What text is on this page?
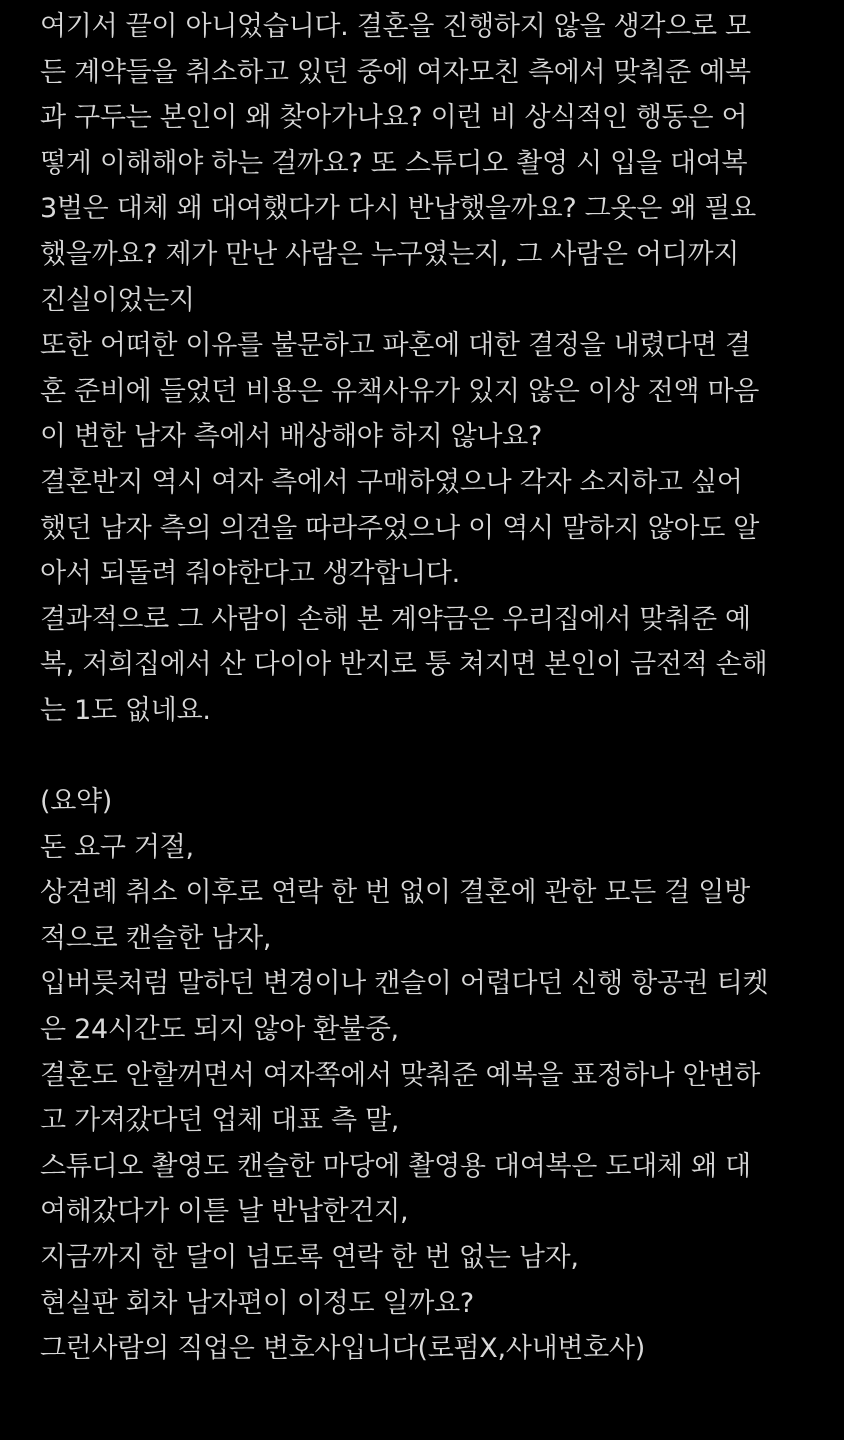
여기서 끝이 아니었습니다. 결혼을 진행하지 않을 생각으로 모
든 계약들을 취소하고 있던 중에 여자모친 측에서 맞춰준 예복
과 구두는 본인이 왜 찾아가나요? 이런 비 상식적인 행동은 어
떻게 이해해야 하는 걸까요? 또 스튜디오 촬영 시 입을 대여복
3벌은 대체 왜 대여했다가 다시 반납했을까요? 그옷은 왜 필요
했을까요? 제가 만난 사람은 누구였는지, 그 사람은 어디까지
진실이었는지
또한 어떠한 이유를 불문하고 파혼에 대한 결정을 내렸다면 결
혼 준비에 들었던 비용은 유책사유가 있지 않은 이상 전액 마음
이 변한 남자 측에서 배상해야 하지 않나요?
결혼반지 역시 여자 측에서 구매하였으나 각자 소지하고 싶어
했던 남자 측의 의견을 따라주었으나 이 역시 말하지 않아도 알
아서 되돌려 줘야한다고 생각합니다.
결과적으로 그 사람이 손해 본 계약금은 우리집에서 맞춰준 예
복, 저희집에서 산 다이아 반지로 퉁 쳐지면 본인이 금전적 손해
는 1도 없네요.
(요약)
돈 요구 거절,
상견례 취소 이후로 연락 한 번 없이 결혼에 관한 모든 걸 일방
적으로 캔슬한 남자,
입버릇처럼 말하던 변경이나 캔슬이 어렵다던 신행 항공권 티켓
은 24시간도 되지 않아 환불중,
결혼도 안할꺼면서 여자쪽에서 맞춰준 예복을 표정하나 안변하
고 가져갔다던 업체 대표 측 말,
스튜디오 촬영도 캔슬한 마당에 촬영용 대여복은 도대체 왜 대
여해갔다가 이튿 날 반납한건지,
지금까지 한 달이 넘도록 연락 한 번 없는 남자,
현실판 회차 남자편이 이정도 일까요?
그런사람의 직업은 변호사입니다(로펌X,사내변호사)
